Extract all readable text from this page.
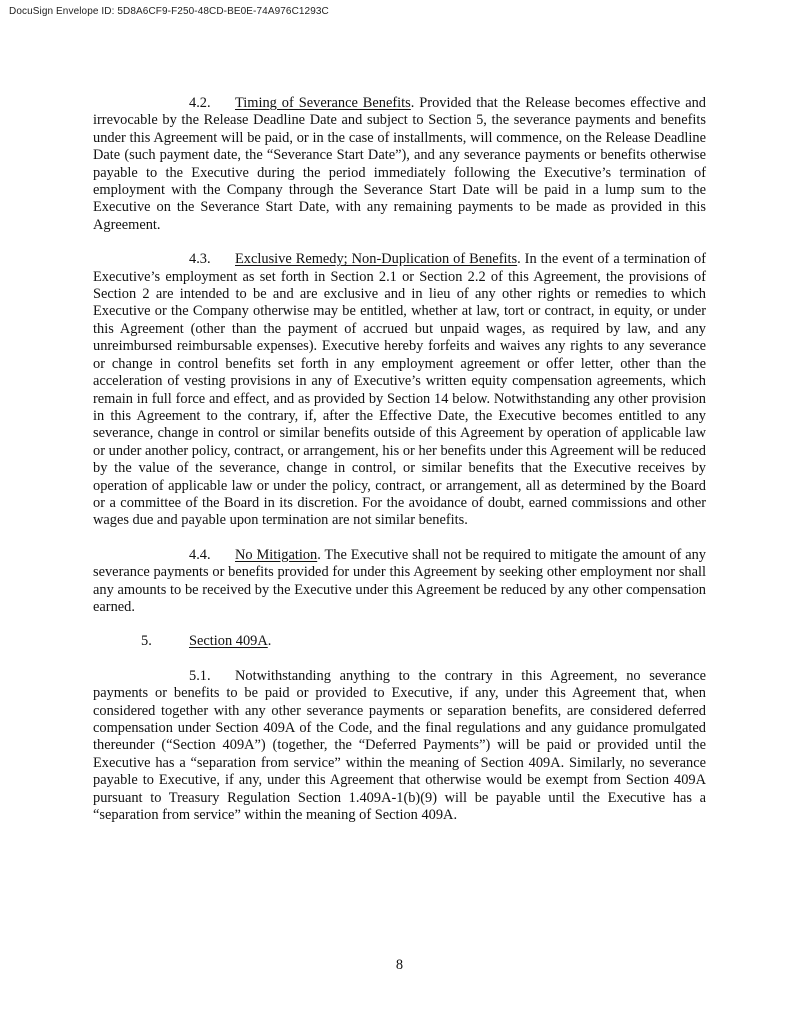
DocuSign Envelope ID: 5D8A6CF9-F250-48CD-BE0E-74A976C1293C

4.2. Timing of Severance Benefits. Provided that the Release becomes effective and irrevocable by the Release Deadline Date and subject to Section 5, the severance payments and benefits under this Agreement will be paid, or in the case of installments, will commence, on the Release Deadline Date (such payment date, the “Severance Start Date”), and any severance payments or benefits otherwise payable to the Executive during the period immediately following the Executive’s termination of employment with the Company through the Severance Start Date will be paid in a lump sum to the Executive on the Severance Start Date, with any remaining payments to be made as provided in this Agreement.

4.3. Exclusive Remedy; Non-Duplication of Benefits. In the event of a termination of Executive’s employment as set forth in Section 2.1 or Section 2.2 of this Agreement, the provisions of Section 2 are intended to be and are exclusive and in lieu of any other rights or remedies to which Executive or the Company otherwise may be entitled, whether at law, tort or contract, in equity, or under this Agreement (other than the payment of accrued but unpaid wages, as required by law, and any unreimbursed reimbursable expenses). Executive hereby forfeits and waives any rights to any severance or change in control benefits set forth in any employment agreement or offer letter, other than the acceleration of vesting provisions in any of Executive’s written equity compensation agreements, which remain in full force and effect, and as provided by Section 14 below. Notwithstanding any other provision in this Agreement to the contrary, if, after the Effective Date, the Executive becomes entitled to any severance, change in control or similar benefits outside of this Agreement by operation of applicable law or under another policy, contract, or arrangement, his or her benefits under this Agreement will be reduced by the value of the severance, change in control, or similar benefits that the Executive receives by operation of applicable law or under the policy, contract, or arrangement, all as determined by the Board or a committee of the Board in its discretion. For the avoidance of doubt, earned commissions and other wages due and payable upon termination are not similar benefits.

4.4. No Mitigation. The Executive shall not be required to mitigate the amount of any severance payments or benefits provided for under this Agreement by seeking other employment nor shall any amounts to be received by the Executive under this Agreement be reduced by any other compensation earned.

5.	Section 409A.

5.1. Notwithstanding anything to the contrary in this Agreement, no severance payments or benefits to be paid or provided to Executive, if any, under this Agreement that, when considered together with any other severance payments or separation benefits, are considered deferred compensation under Section 409A of the Code, and the final regulations and any guidance promulgated thereunder (“Section 409A”) (together, the “Deferred Payments”) will be paid or provided until the Executive has a “separation from service” within the meaning of Section 409A. Similarly, no severance payable to Executive, if any, under this Agreement that otherwise would be exempt from Section 409A pursuant to Treasury Regulation Section 1.409A-1(b)(9) will be payable until the Executive has a “separation from service” within the meaning of Section 409A.

8
